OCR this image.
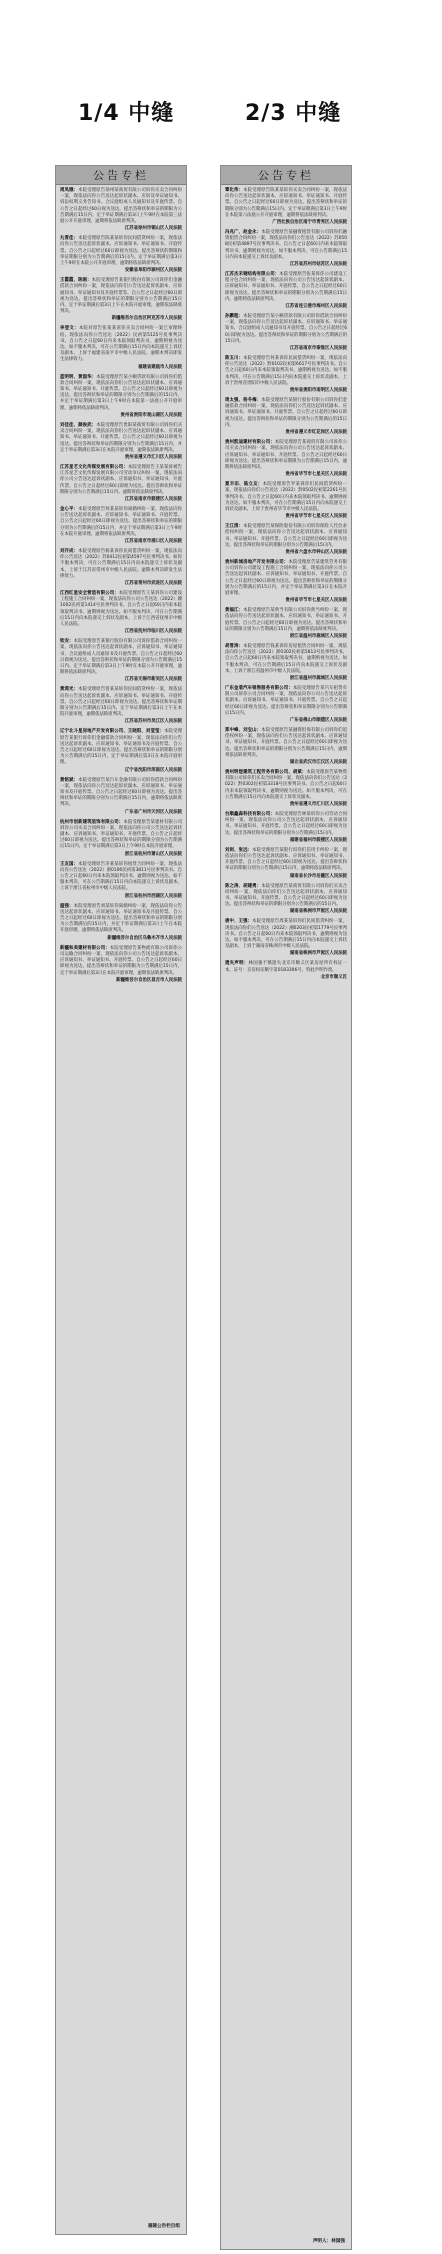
1/4 中缝	2/3 中缝
公告专栏
周凤娥：本院受理原告徐州某商贸有限公司诉你买卖合同纠纷一案，现依法向你公告送达起诉状副本、应诉及举证通知书、诉讼权利义务告知书、合议庭组成人员通知书及开庭传票。自公告之日起经过60日视为送达。提出答辩状和举证的期限为公告期满后15日内。定于举证期满后第3日上午9时在本院第三法庭公开开庭审理，逾期将依法缺席判决。
江苏省徐州市铜山区人民法院
丸雪佳：本院受理原告陈某某诉你民间借贷纠纷一案，现依法向你公告送达起诉状副本、应诉通知书、举证通知书、开庭传票。自公告之日起经过60日即视为送达。提出答辩状的期限和举证期限分别为公告期满后的15日内。定于举证期满后第3日上午9时在本院公开开庭审理，逾期将依法缺席判决。
安徽省阜阳市颍州区人民法院
王霞霞、陈刚：本院受理原告某银行股份有限公司诉你们金融借款合同纠纷一案，现依法向你们公告送达起诉状副本、应诉通知书、举证通知书及开庭传票等。自公告之日起经过60日即视为送达。提出答辩状和举证的期限分别为公告期满后15日内。定于举证期满后第3日上午在本院开庭审理，逾期依法缺席判决。
新疆维吾尔自治区阿克苏市人民法院
李登文：本院对原告张某某诉你买卖合同纠纷一案已审理终结。现依法向你公告送达（2022）民初第5125号民事判决书。自公告之日起60日内来本院领取判决书，逾期则视为送达。如不服本判决，可在公告期满后15日内向本院递交上诉状及副本，上诉于福建省南平市中级人民法院。逾期本判决即发生法律效力。
福建省建瓯市人民法院
蓝明明、黄国华：本院受理原告某小额贷款有限公司诉你们借款合同纠纷一案，现依法向你们公告送达起诉状副本、应诉通知书、举证通知书、开庭传票。自公告之日起经过60日即视为送达。提出答辩状和举证的期限分别为公告期满后的15日内，并定于举证期满后第3日上午9时在本院第一法庭公开开庭审理，逾期将依法缺席判决。
贵州省贵阳市观山湖区人民法院
刘佳佳、颜俊武：本院受理原告贵阳某商贸有限公司诉你们买卖合同纠纷一案，现依法向你们公告送达起诉状副本、应诉通知书、举证通知书、开庭传票。自公告之日起经过60日即视为送达。提出答辩状和举证的期限分别为公告期满后15日内，并定于举证期满后第3日在本院开庭审理，逾期依法缺席判决。
贵州省遵义市汇川区人民法院
江苏星艺文化传媒发展有限公司：本院受理原告王某某诉被告江苏星艺文化传媒发展有限公司劳动争议纠纷一案，现依法向你公司公告送达起诉状副本、应诉通知书、举证通知书、开庭传票。自公告之日起经过60日即视为送达。提出答辩状和举证期限分别为公告期满后15日内。逾期将依法缺席判决。
江苏省南京市鼓楼区人民法院
金心平：本院受理原告何某某诉你离婚纠纷一案，现依法向你公告送达起诉状副本、应诉通知书、举证通知书、开庭传票。自公告之日起经过60日即视为送达。提出答辩状和举证的期限分别为公告期满后的15日内，并定于举证期满后第3日上午9时在本院开庭审理，逾期将依法缺席判决。
江苏省南京市浦口区人民法院
刘开成：本院受理原告杨某诉你民间借贷纠纷一案，现依法向你公告送达（2022）苏0412民初第4597号民事判决书。如你不服本判决，可在公告期满后15日内向本院递交上诉状及副本，上诉于江苏省常州市中级人民法院。逾期本判决即发生法律效力。
江苏省常州市武进区人民法院
江西红星安全营造有限公司：本院受理原告王某诉你公司建设工程施工合同纠纷一案，现依法向你公司公告送达（2022）赣1002民初第1414号民事判决书。自公告之日起60日内来本院领取判决书，逾期则视为送达。如不服本判决，可在公告期满后15日内向本院递交上诉状及副本，上诉于江西省抚州市中级人民法院。
江西省抚州市临川区人民法院
钦安：本院受理原告某银行股份有限公司诉你借款合同纠纷一案，现依法向你公告送达起诉状副本、应诉通知书、举证通知书、合议庭组成人员通知书及开庭传票。自公告之日起经过60日即视为送达。提出答辩状和举证的期限分别为公告期满后15日内。定于举证期满后第3日上午9时在本院公开开庭审理，逾期将依法缺席判决。
江苏省无锡市新吴区人民法院
黄鸿光：本院受理原告曾某某诉你民间借贷纠纷一案，现依法向你公告送达起诉状副本、应诉通知书、举证通知书、开庭传票。自公告之日起经过60日即视为送达。提出答辩状和举证期限分别为公告期满后15日内。定于举证期满后第3日上午在本院开庭审理，逾期依法缺席判决。
江苏省苏州市吴江区人民法院
辽宁北斗星房地产开发有限公司、王晓阳、刘莹莹：本院受理原告某银行诉你们金融借款合同纠纷一案，现依法向你们公告送达起诉状副本、应诉通知书、举证通知书及开庭传票。自公告之日起经过60日即视为送达。提出答辩状和举证的期限分别为公告期满后的15日内，定于举证期满后第3日在本院开庭审理。
辽宁省沈阳市浑南区人民法院
黄铭斌：本院受理原告某汽车金融有限公司诉你借款合同纠纷一案，现依法向你公告送达起诉状副本、应诉通知书、举证通知书及开庭传票。自公告之日起经过60日即视为送达。提出答辩状和举证的期限分别为公告期满后15日内，逾期将依法缺席判决。
广东省广州市天河区人民法院
杭州市创新建筑装饰有限公司：本院受理原告某建材有限公司诉你公司买卖合同纠纷一案，现依法向你公司公告送达起诉状副本、应诉通知书、举证通知书、开庭传票。自公告之日起经过60日即视为送达。提出答辩状和举证的期限分别为公告期满后15日内。定于举证期满后第3日上午9时在本院开庭审理。
浙江省杭州市萧山区人民法院
王友国：本院受理原告李某某诉你租赁合同纠纷一案，现依法向你公告送达（2022）浙0106民初第3811号民事判决书。自公告之日起60日内来本院领取判决书，逾期则视为送达。如不服本判决，可在公告期满后15日内向本院递交上诉状及副本，上诉于浙江省杭州市中级人民法院。
浙江省杭州市西湖区人民法院
温强：本院受理原告刘某诉你离婚纠纷一案，现依法向你公告送达起诉状副本、应诉通知书、举证通知书及开庭传票。自公告之日起经过60日即视为送达。提出答辩状和举证的期限分别为公告期满后的15日内，并定于举证期满后第3日上午在本院开庭审理，逾期将依法缺席判决。
新疆维吾尔自治区乌鲁木齐市人民法院
新疆和美建材有限公司：本院受理原告某物流有限公司诉你公司运输合同纠纷一案，现依法向你公司公告送达起诉状副本、应诉通知书、举证通知书、开庭传票。自公告之日起经过60日即视为送达。提出答辩状和举证的期限为公告期满后15日内，定于举证期满后第3日在本院开庭审理，逾期依法缺席判决。
新疆维吾尔自治区昌吉市人民法院
福建公告栏目组
公告专栏
覃化伟：本院受理原告陈某某诉你买卖合同纠纷一案，现依法向你公告送达起诉状副本、应诉通知书、举证通知书、开庭传票。自公告之日起经过60日即视为送达。提出答辩状和举证的期限分别为公告期满后15日内。定于举证期满后第3日上午9时在本院第六法庭公开开庭审理，逾期将依法缺席判决。
广西壮族自治区南宁市青秀区人民法院
冯兆广、赵金永：本院受理原告某融资租赁有限公司诉你们融资租赁合同纠纷一案，现依法向你们公告送达（2022）苏0508民初第4897号民事判决书。自公告之日起60日内来本院领取判决书，逾期则视为送达。如不服本判决，可在公告期满后15日内向本院递交上诉状及副本。
江苏省苏州市姑苏区人民法院
江苏杰禾钢结构有限公司：本院受理原告张某诉你公司建设工程分包合同纠纷一案，现依法向你公司公告送达起诉状副本、应诉通知书、举证通知书、开庭传票。自公告之日起经过60日即视为送达。提出答辩状和举证的期限分别为公告期满后15日内。逾期将依法缺席判决。
江苏省连云港市海州区人民法院
孙鹏程：本院受理原告某小额贷款有限公司诉你借款合同纠纷一案，现依法向你公告送达起诉状副本、应诉通知书、举证通知书、合议庭组成人员通知书及开庭传票。自公告之日起经过60日即视为送达。提出答辩状和举证的期限分别为公告期满后的15日内。
江苏省南京市秦淮区人民法院
陈玉川：本院受理原告何某诉你民间借贷纠纷一案，现依法向你公告送达（2022）黔0102民初第6617号民事判决书。自公告之日起60日内来本院领取判决书，逾期则视为送达。如不服本判决，可在公告期满后15日内向本院递交上诉状及副本，上诉于贵州省贵阳市中级人民法院。
贵州省贵阳市南明区人民法院
周太强、杨冬梅：本院受理原告某银行股份有限公司诉你们金融借款合同纠纷一案，现依法向你们公告送达起诉状副本、应诉通知书、举证通知书、开庭传票。自公告之日起经过60日即视为送达。提出答辩状和举证的期限分别为公告期满后的15日内。
贵州省遵义市红花岗区人民法院
贵州凯迪建材有限公司：本院受理原告某商贸有限公司诉你公司买卖合同纠纷一案，现依法向你公司公告送达起诉状副本、应诉通知书、举证通知书、开庭传票。自公告之日起经过60日即视为送达。提出答辩状和举证期限为公告期满后15日内，逾期将依法缺席判决。
贵州省毕节市七星关区人民法院
夏丰田、陆立友：本院受理原告罗某诉你们民间借贷纠纷一案，现依法向你们公告送达（2022）黔0502民初第2261号民事判决书。自公告之日起60日内来本院领取判决书，逾期则视为送达。如不服本判决，可在公告期满后15日内向本院递交上诉状及副本，上诉于贵州省毕节市中级人民法院。
贵州省毕节市七星关区人民法院
王江清：本院受理原告某保险股份有限公司诉你保险人代位求偿权纠纷一案，现依法向你公告送达起诉状副本、应诉通知书、举证通知书、开庭传票。自公告之日起经过60日即视为送达。提出答辩状和举证的期限分别为公告期满后15日内。
贵州省六盘水市钟山区人民法院
贵州新城房地产开发有限公司：本院受理原告某建筑劳务有限公司诉你公司建设工程施工合同纠纷一案，现依法向你公司公告送达起诉状副本、应诉通知书、举证通知书、开庭传票。自公告之日起经过60日即视为送达。提出答辩状和举证的期限分别为公告期满后的15日内，并定于举证期满后第3日在本院开庭审理。
贵州省毕节市七星关区人民法院
黄福江：本院受理原告某典当有限公司诉你典当纠纷一案，现依法向你公告送达起诉状副本、应诉通知书、举证通知书、开庭传票。自公告之日起经过60日即视为送达。提出答辩状和举证的期限分别为公告期满后15日内，逾期将依法缺席判决。
浙江省温州市鹿城区人民法院
胡雪涛：本院受理原告钱某诉你房屋租赁合同纠纷一案，现依法向你公告送达（2022）浙0302民初第5813号民事判决书。自公告之日起60日内来本院领取判决书，逾期则视为送达。如不服本判决，可在公告期满后15日内向本院递交上诉状及副本，上诉于浙江省温州市中级人民法院。
浙江省温州市鹿城区人民法院
广东金盾汽车销售服务有限公司：本院受理原告某汽车租赁有限公司诉你公司合同纠纷一案，现依法向你公司公告送达起诉状副本、应诉通知书、举证通知书、开庭传票。自公告之日起经过60日即视为送达。提出答辩状和举证期限分别为公告期满后15日内。
广东省佛山市顺德区人民法院
郑中峰、刘宝山：本院受理原告某融资担保有限公司诉你们追偿权纠纷一案，现依法向你们公告送达起诉状副本、应诉通知书、举证通知书、开庭传票。自公告之日起经过60日即视为送达。提出答辩状和举证的期限分别为公告期满后15日内，逾期将依法缺席判决。
湖北省武汉市江汉区人民法院
贵州明煜建筑工程劳务有限公司、胡斌：本院受理原告某物资有限公司诉你们买卖合同纠纷一案，现依法向你们公告送达（2022）黔0302民初第3318号民事判决书。自公告之日起60日内来本院领取判决书，逾期则视为送达。如不服本判决，可在公告期满后15日内向本院递交上诉状及副本。
贵州省遵义市汇川区人民法院
台顺鑫森科技有限公司：本院受理原告林某诉你公司劳动合同纠纷一案，现依法向你公司公告送达起诉状副本、应诉通知书、举证通知书、开庭传票。自公告之日起经过60日即视为送达。提出答辩状和举证的期限分别为公告期满后15日内。
福建省福州市鼓楼区人民法院
刘剑、张远：本院受理原告某银行诉你们信用卡纠纷一案，现依法向你们公告送达起诉状副本、应诉通知书、举证通知书、开庭传票。自公告之日起经过60日即视为送达。提出答辩状和举证的期限分别为公告期满后15日内，逾期将依法缺席判决。
湖南省长沙市岳麓区人民法院
陈之涛、胡建勇：本院受理原告某商贸有限公司诉你们买卖合同纠纷一案，现依法向你们公告送达起诉状副本、应诉通知书、举证通知书、开庭传票。自公告之日起经过60日即视为送达。提出答辩状和举证的期限分别为公告期满后的15日内。
湖南省株洲市芦淞区人民法院
唐中、王强：本院受理原告周某某诉你们民间借贷纠纷一案，现依法向你们公告送达（2022）湘0203民初第1779号民事判决书。自公告之日起60日内来本院领取判决书，逾期则视为送达。如不服本判决，可在公告期满后15日内向本院递交上诉状及副本，上诉于湖南省株洲市中级人民法院。
湖南省株洲市芦淞区人民法院
遗失声明：林国强不慎遗失北京市顺义区某房屋所有权证一本，证号：京房权证顺字第0183306号，特此声明作废。
北京市顺义区
声明人：林国强
